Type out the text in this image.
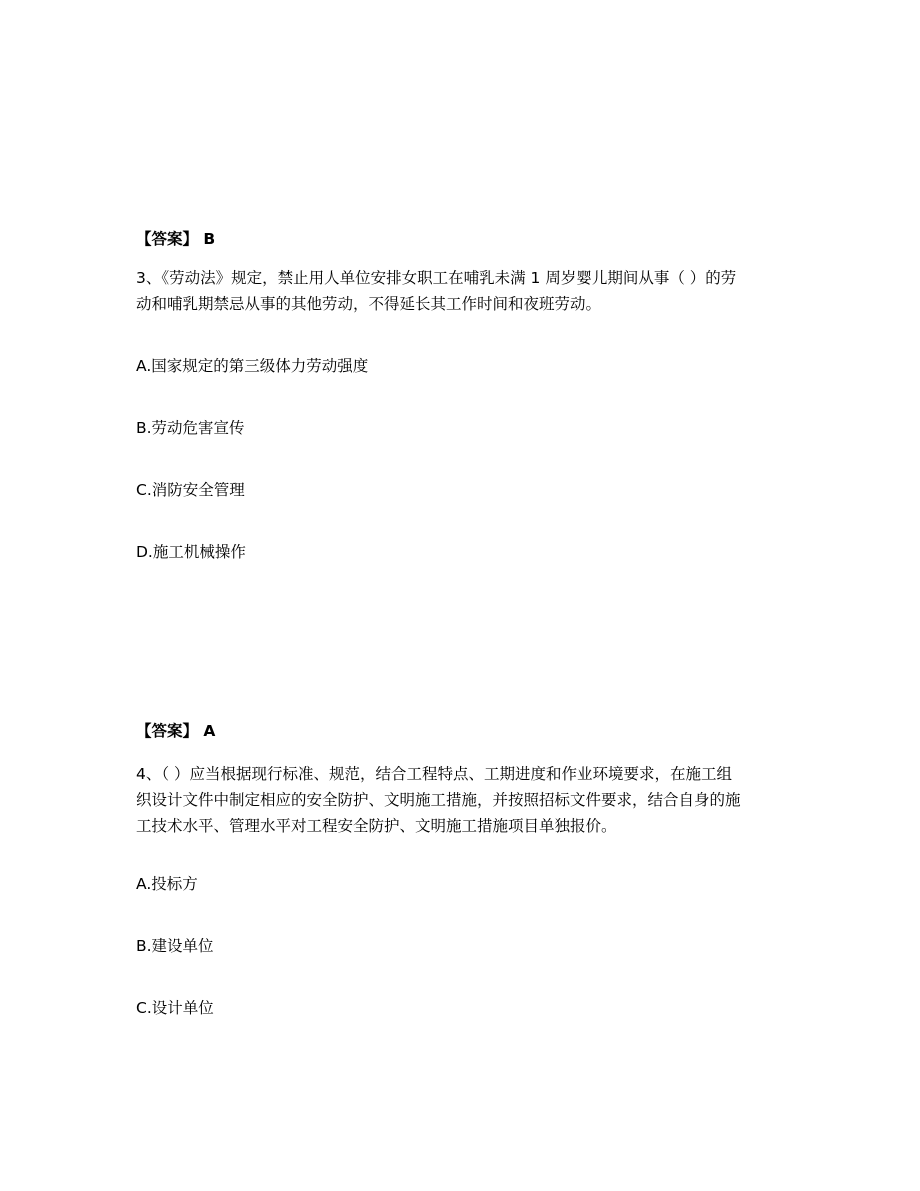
【答案】 B
3、《劳动法》规定，禁止用人单位安排女职工在哺乳未满 1 周岁婴儿期间从事（ ）的劳
动和哺乳期禁忌从事的其他劳动，不得延长其工作时间和夜班劳动。
A.国家规定的第三级体力劳动强度
B.劳动危害宣传
C.消防安全管理
D.施工机械操作
【答案】 A
4、（ ）应当根据现行标准、规范，结合工程特点、工期进度和作业环境要求，在施工组
织设计文件中制定相应的安全防护、文明施工措施，并按照招标文件要求，结合自身的施
工技术水平、管理水平对工程安全防护、文明施工措施项目单独报价。
A.投标方
B.建设单位
C.设计单位
